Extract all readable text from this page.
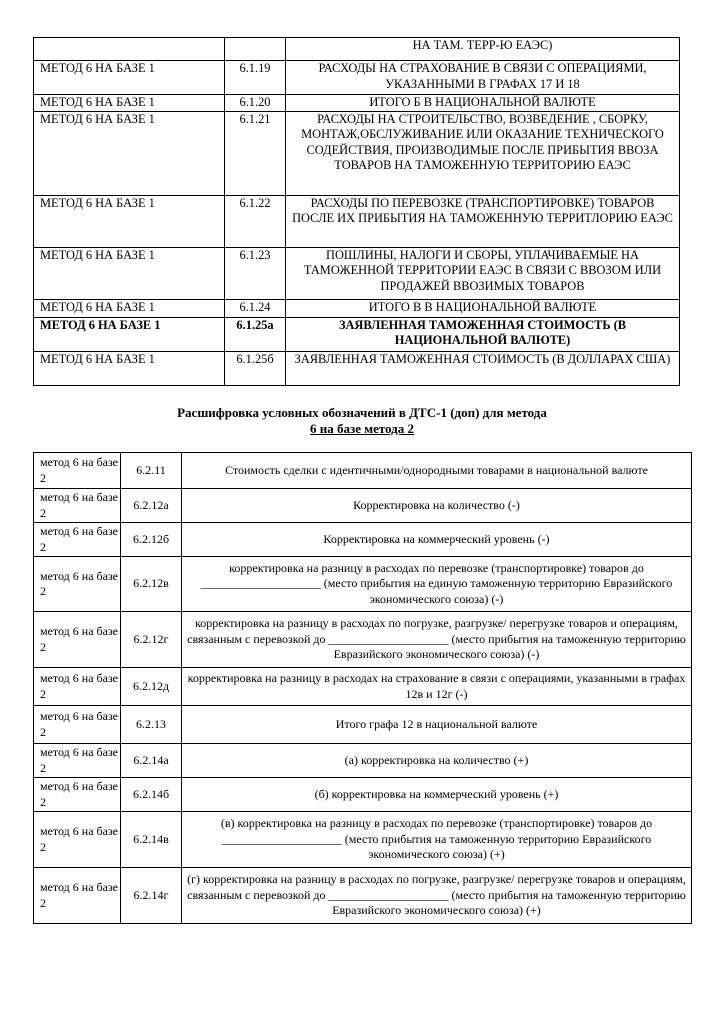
		НА ТАМ. ТЕРР-Ю ЕАЭС)
МЕТОД 6 НА БАЗЕ 1	6.1.19	РАСХОДЫ НА СТРАХОВАНИЕ В СВЯЗИ С ОПЕРАЦИЯМИ, УКАЗАННЫМИ В ГРАФАХ 17 И 18
МЕТОД 6 НА БАЗЕ 1	6.1.20	ИТОГО Б В НАЦИОНАЛЬНОЙ ВАЛЮТЕ
МЕТОД 6 НА БАЗЕ 1	6.1.21	РАСХОДЫ НА СТРОИТЕЛЬСТВО, ВОЗВЕДЕНИЕ , СБОРКУ, МОНТАЖ,ОБСЛУЖИВАНИЕ ИЛИ ОКАЗАНИЕ ТЕХНИЧЕСКОГО СОДЕЙСТВИЯ, ПРОИЗВОДИМЫЕ ПОСЛЕ ПРИБЫТИЯ ВВОЗА ТОВАРОВ НА ТАМОЖЕННУЮ ТЕРРИТОРИЮ ЕАЭС
МЕТОД 6 НА БАЗЕ 1	6.1.22	РАСХОДЫ ПО ПЕРЕВОЗКЕ (ТРАНСПОРТИРОВКЕ) ТОВАРОВ ПОСЛЕ ИХ ПРИБЫТИЯ НА ТАМОЖЕННУЮ ТЕРРИТЛОРИЮ ЕАЭС
МЕТОД 6 НА БАЗЕ 1	6.1.23	ПОШЛИНЫ, НАЛОГИ И СБОРЫ, УПЛАЧИВАЕМЫЕ НА ТАМОЖЕННОЙ ТЕРРИТОРИИ ЕАЭС В СВЯЗИ С ВВОЗОМ ИЛИ ПРОДАЖЕЙ ВВОЗИМЫХ ТОВАРОВ
МЕТОД 6 НА БАЗЕ 1	6.1.24	ИТОГО В В НАЦИОНАЛЬНОЙ ВАЛЮТЕ
МЕТОД 6 НА БАЗЕ 1	6.1.25а	ЗАЯВЛЕННАЯ ТАМОЖЕННАЯ СТОИМОСТЬ (В НАЦИОНАЛЬНОЙ ВАЛЮТЕ)
МЕТОД 6 НА БАЗЕ 1	6.1.25б	ЗАЯВЛЕННАЯ ТАМОЖЕННАЯ СТОИМОСТЬ (В ДОЛЛАРАХ США)
Расшифровка условных обозначений в ДТС-1 (доп) для метода
6 на базе метода 2
метод 6 на базе 2	6.2.11	Стоимость сделки с идентичными/однородными товарами в национальной валюте
метод 6 на базе 2	6.2.12а	Корректировка на количество (-)
метод 6 на базе 2	6.2.12б	Корректировка на коммерческий уровень (-)
метод 6 на базе 2	6.2.12в	корректировка на разницу в расходах по перевозке (транспортировке) товаров до ____________________ (место прибытия на единую таможенную территорию Евразийского экономического союза) (-)
метод 6 на базе 2	6.2.12г	корректировка на разницу в расходах по погрузке, разгрузке/ перегрузке товаров и операциям, связанным с перевозкой до ____________________ (место прибытия на таможенную территорию Евразийского экономического союза) (-)
метод 6 на базе 2	6.2.12д	корректировка на разницу в расходах на страхование в связи с операциями, указанными в графах 12в и 12г (-)
метод 6 на базе 2	6.2.13	Итого графа 12 в национальной валюте
метод 6 на базе 2	6.2.14а	(а) корректировка на количество (+)
метод 6 на базе 2	6.2.14б	(б) корректировка на коммерческий уровень (+)
метод 6 на базе 2	6.2.14в	(в) корректировка на разницу в расходах по перевозке (транспортировке) товаров до ____________________ (место прибытия на таможенную территорию Евразийского экономического союза) (+)
метод 6 на базе 2	6.2.14г	(г) корректировка на разницу в расходах по погрузке, разгрузке/ перегрузке товаров и операциям, связанным с перевозкой до ____________________ (место прибытия на таможенную территорию Евразийского экономического союза) (+)
